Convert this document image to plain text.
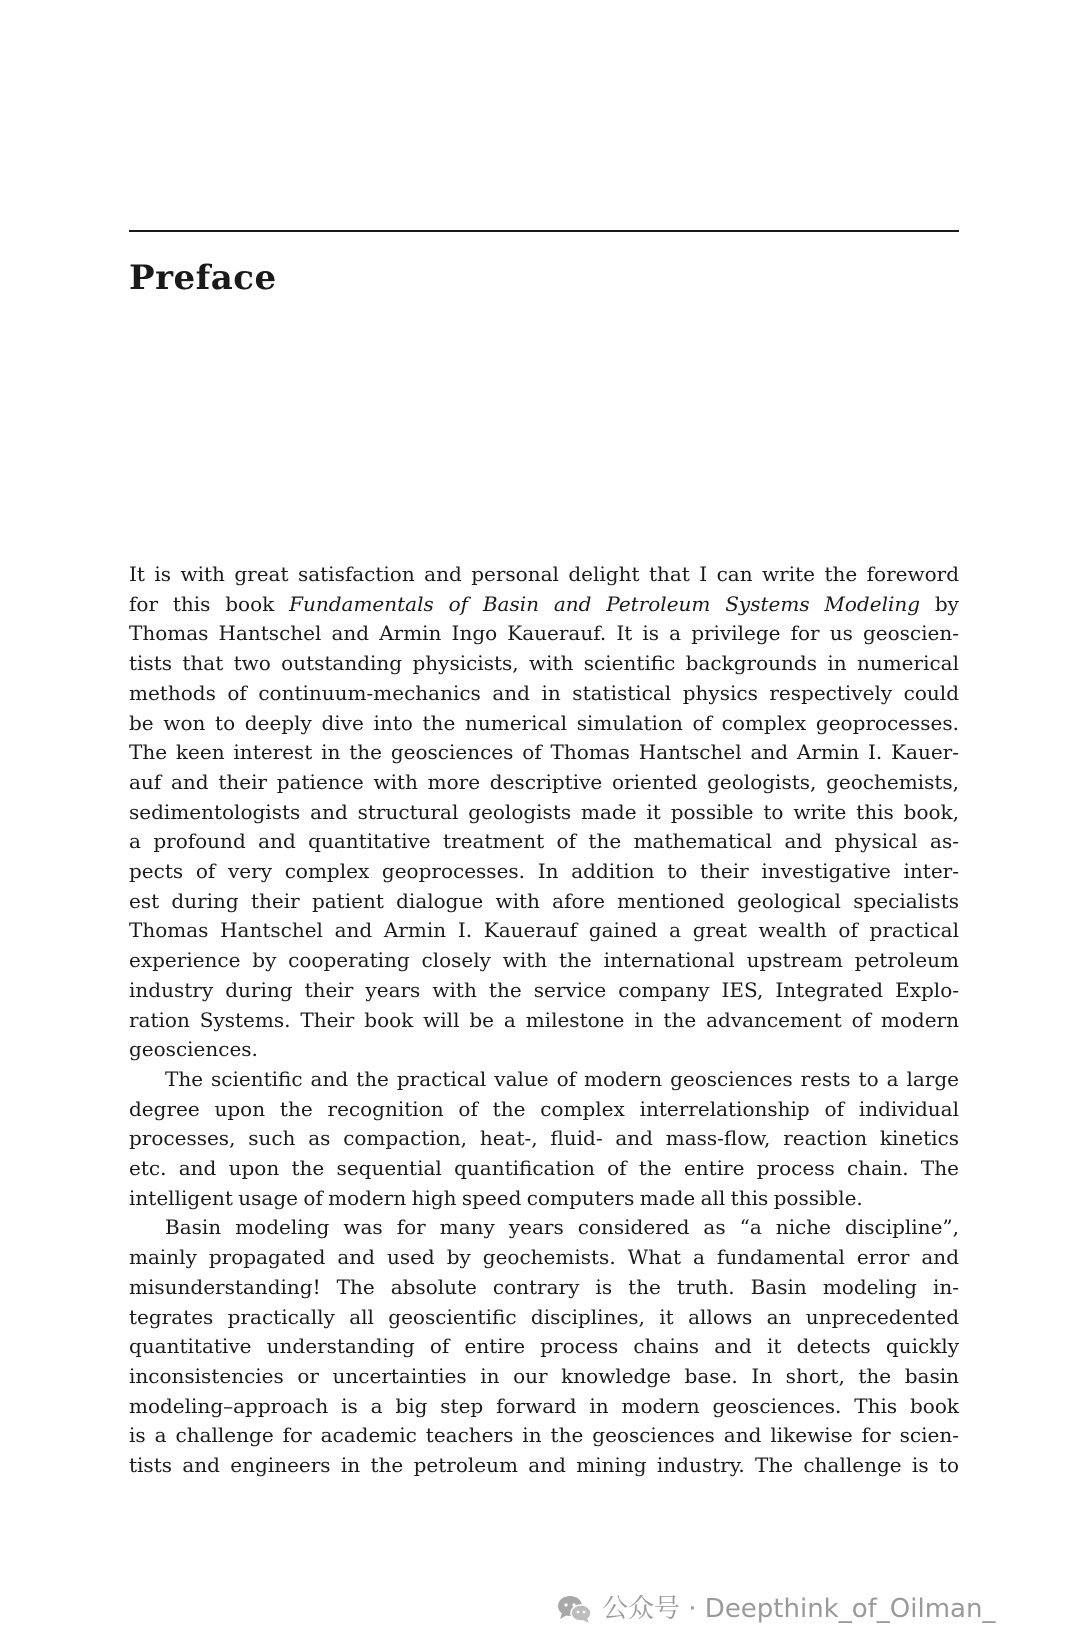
Preface
It is with great satisfaction and personal delight that I can write the foreword
for this book Fundamentals of Basin and Petroleum Systems Modeling by
Thomas Hantschel and Armin Ingo Kauerauf. It is a privilege for us geoscien-
tists that two outstanding physicists, with scientific backgrounds in numerical
methods of continuum-mechanics and in statistical physics respectively could
be won to deeply dive into the numerical simulation of complex geoprocesses.
The keen interest in the geosciences of Thomas Hantschel and Armin I. Kauer-
auf and their patience with more descriptive oriented geologists, geochemists,
sedimentologists and structural geologists made it possible to write this book,
a profound and quantitative treatment of the mathematical and physical as-
pects of very complex geoprocesses. In addition to their investigative inter-
est during their patient dialogue with afore mentioned geological specialists
Thomas Hantschel and Armin I. Kauerauf gained a great wealth of practical
experience by cooperating closely with the international upstream petroleum
industry during their years with the service company IES, Integrated Explo-
ration Systems. Their book will be a milestone in the advancement of modern
geosciences.
The scientific and the practical value of modern geosciences rests to a large
degree upon the recognition of the complex interrelationship of individual
processes, such as compaction, heat-, fluid- and mass-flow, reaction kinetics
etc. and upon the sequential quantification of the entire process chain. The
intelligent usage of modern high speed computers made all this possible.
Basin modeling was for many years considered as “a niche discipline”,
mainly propagated and used by geochemists. What a fundamental error and
misunderstanding! The absolute contrary is the truth. Basin modeling in-
tegrates practically all geoscientific disciplines, it allows an unprecedented
quantitative understanding of entire process chains and it detects quickly
inconsistencies or uncertainties in our knowledge base. In short, the basin
modeling–approach is a big step forward in modern geosciences. This book
is a challenge for academic teachers in the geosciences and likewise for scien-
tists and engineers in the petroleum and mining industry. The challenge is to
公众号 · Deepthink_of_Oilman_
